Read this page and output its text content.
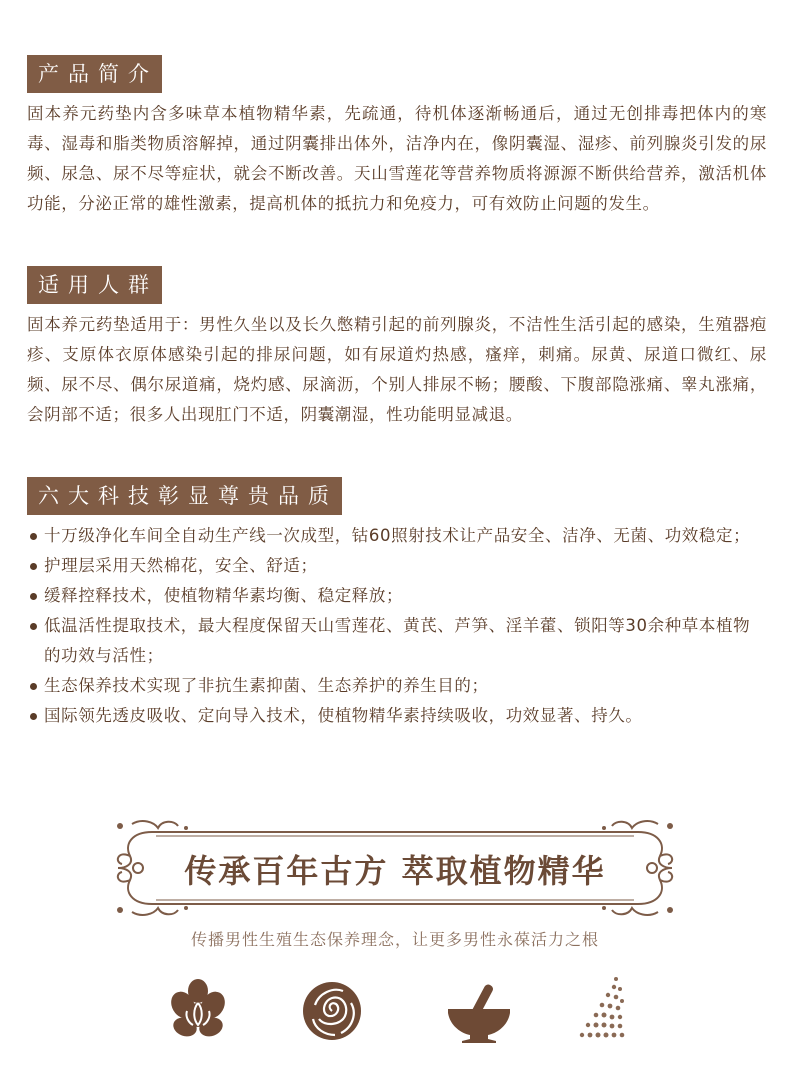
产品简介

固本养元药垫内含多味草本植物精华素，先疏通，待机体逐渐畅通后，通过无创排毒把体内的寒毒、湿毒和脂类物质溶解掉，通过阴囊排出体外，洁净内在，像阴囊湿、湿疹、前列腺炎引发的尿频、尿急、尿不尽等症状，就会不断改善。天山雪莲花等营养物质将源源不断供给营养，激活机体功能，分泌正常的雄性激素，提高机体的抵抗力和免疫力，可有效防止问题的发生。

适用人群

固本养元药垫适用于：男性久坐以及长久憋精引起的前列腺炎，不洁性生活引起的感染，生殖器疱疹、支原体衣原体感染引起的排尿问题，如有尿道灼热感，瘙痒，刺痛。尿黄、尿道口微红、尿频、尿不尽、偶尔尿道痛，烧灼感、尿滴沥，个别人排尿不畅；腰酸、下腹部隐涨痛、睾丸涨痛，会阴部不适；很多人出现肛门不适，阴囊潮湿，性功能明显减退。

六大科技彰显尊贵品质
十万级净化车间全自动生产线一次成型，钴60照射技术让产品安全、洁净、无菌、功效稳定；
护理层采用天然棉花，安全、舒适；
缓释控释技术，使植物精华素均衡、稳定释放；
低温活性提取技术，最大程度保留天山雪莲花、黄芪、芦笋、淫羊藿、锁阳等30余种草本植物的功效与活性；
生态保养技术实现了非抗生素抑菌、生态养护的养生目的；
国际领先透皮吸收、定向导入技术，使植物精华素持续吸收，功效显著、持久。
传承百年古方 萃取植物精华
传播男性生殖生态保养理念，让更多男性永葆活力之根
